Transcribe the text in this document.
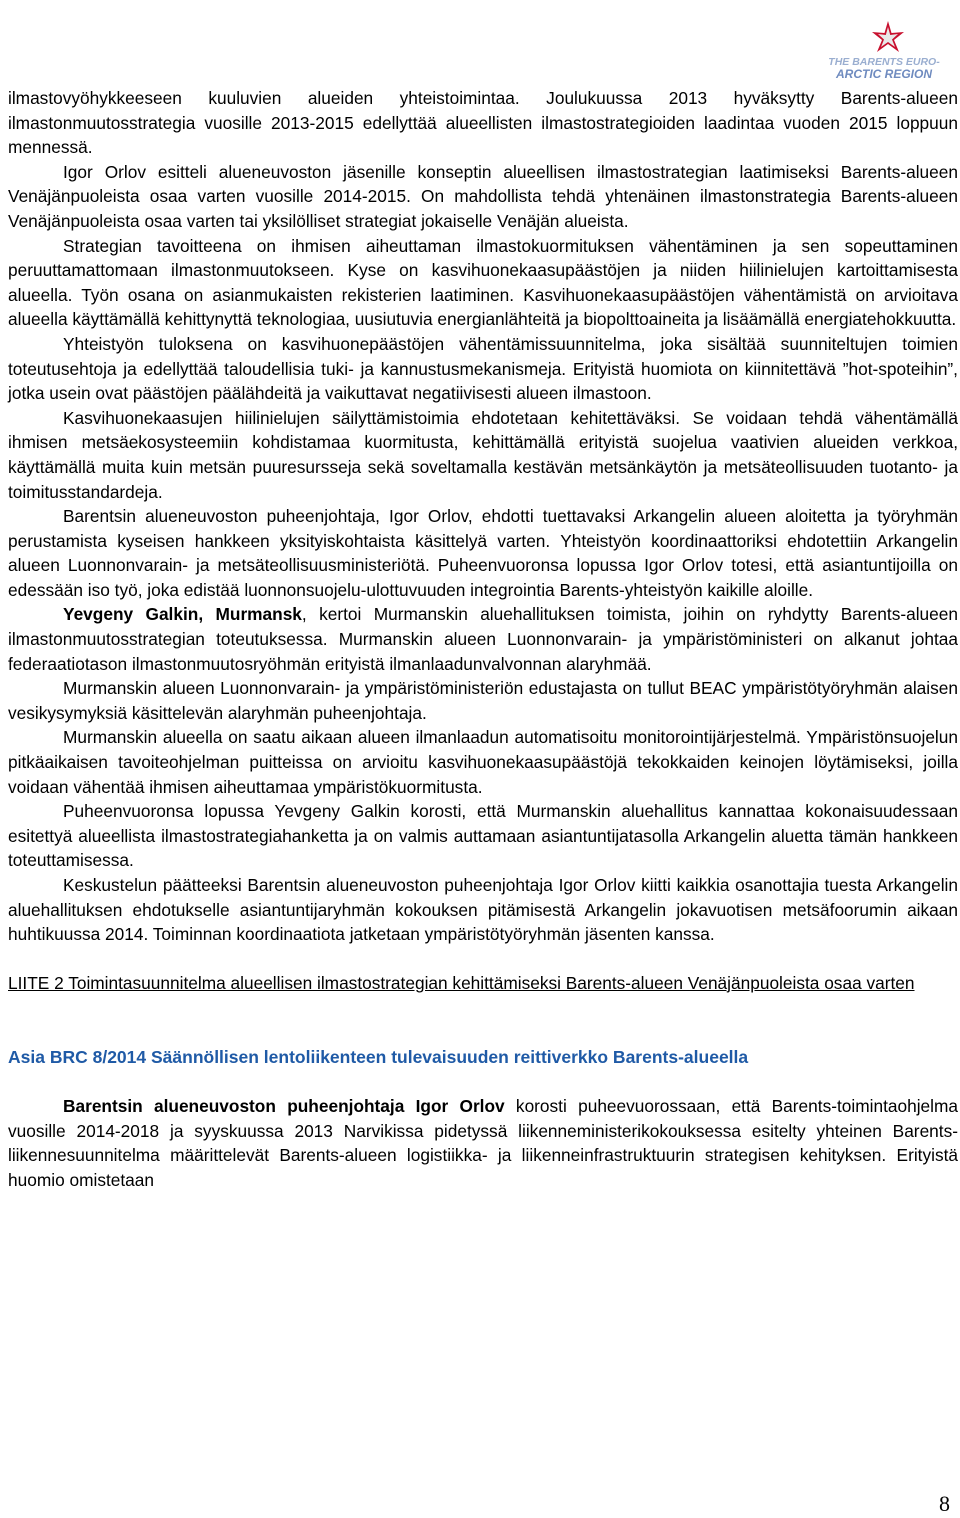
THE BARENTS EURO-
ARCTIC REGION

ilmastovyöhykkeeseen kuuluvien alueiden yhteistoimintaa. Joulukuussa 2013 hyväksytty Barents-alueen ilmastonmuutosstrategia vuosille 2013-2015 edellyttää alueellisten ilmastostrategioiden laadintaa vuoden 2015 loppuun mennessä.

Igor Orlov esitteli alueneuvoston jäsenille konseptin alueellisen ilmastostrategian laatimiseksi Barents-alueen Venäjänpuoleista osaa varten vuosille 2014-2015. On mahdollista tehdä yhtenäinen ilmastonstrategia Barents-alueen Venäjänpuoleista osaa varten tai yksilölliset strategiat jokaiselle Venäjän alueista.

Strategian tavoitteena on ihmisen aiheuttaman ilmastokuormituksen vähentäminen ja sen sopeuttaminen peruuttamattomaan ilmastonmuutokseen. Kyse on kasvihuonekaasupäästöjen ja niiden hiilinielujen kartoittamisesta alueella. Työn osana on asianmukaisten rekisterien laatiminen. Kasvihuonekaasupäästöjen vähentämistä on arvioitava alueella käyttämällä kehittynyttä teknologiaa, uusiutuvia energianlähteitä ja biopolttoaineita ja lisäämällä energiatehokkuutta.

Yhteistyön tuloksena on kasvihuonepäästöjen vähentämissuunnitelma, joka sisältää suunniteltujen toimien toteutusehtoja ja edellyttää taloudellisia tuki- ja kannustusmekanismeja. Erityistä huomiota on kiinnitettävä ”hot-spoteihin”, jotka usein ovat päästöjen päälähdeitä ja vaikuttavat negatiivisesti alueen ilmastoon.

Kasvihuonekaasujen hiilinielujen säilyttämistoimia ehdotetaan kehitettäväksi. Se voidaan tehdä vähentämällä ihmisen metsäekosysteemiin kohdistamaa kuormitusta, kehittämällä erityistä suojelua vaativien alueiden verkkoa, käyttämällä muita kuin metsän puuresursseja sekä soveltamalla kestävän metsänkäytön ja metsäteollisuuden tuotanto- ja toimitusstandardeja.

Barentsin alueneuvoston puheenjohtaja, Igor Orlov, ehdotti tuettavaksi Arkangelin alueen aloitetta ja työryhmän perustamista kyseisen hankkeen yksityiskohtaista käsittelyä varten. Yhteistyön koordinaattoriksi ehdotettiin Arkangelin alueen Luonnonvarain- ja metsäteollisuusministeriötä. Puheenvuoronsa lopussa Igor Orlov totesi, että asiantuntijoilla on edessään iso työ, joka edistää luonnonsuojelu-ulottuvuuden integrointia Barents-yhteistyön kaikille aloille.

Yevgeny Galkin, Murmansk, kertoi Murmanskin aluehallituksen toimista, joihin on ryhdytty Barents-alueen ilmastonmuutosstrategian toteutuksessa. Murmanskin alueen Luonnonvarain- ja ympäristöministeri on alkanut johtaa federaatiotason ilmastonmuutosryöhmän erityistä ilmanlaadunvalvonnan alaryhmää.

Murmanskin alueen Luonnonvarain- ja ympäristöministeriön edustajasta on tullut BEAC ympäristötyöryhmän alaisen vesikysymyksiä käsittelevän alaryhmän puheenjohtaja.

Murmanskin alueella on saatu aikaan alueen ilmanlaadun automatisoitu monitorointijärjestelmä. Ympäristönsuojelun pitkäaikaisen tavoiteohjelman puitteissa on arvioitu kasvihuonekaasupäästöjä tekokkaiden keinojen löytämiseksi, joilla voidaan vähentää ihmisen aiheuttamaa ympäristökuormitusta.

Puheenvuoronsa lopussa Yevgeny Galkin korosti, että Murmanskin aluehallitus kannattaa kokonaisuudessaan esitettyä alueellista ilmastostrategiahanketta ja on valmis auttamaan asiantuntijatasolla Arkangelin aluetta tämän hankkeen toteuttamisessa.

Keskustelun päätteeksi Barentsin alueneuvoston puheenjohtaja Igor Orlov kiitti kaikkia osanottajia tuesta Arkangelin aluehallituksen ehdotukselle asiantuntijaryhmän kokouksen pitämisestä Arkangelin jokavuotisen metsäfoorumin aikaan huhtikuussa 2014. Toiminnan koordinaatiota jatketaan ympäristötyöryhmän jäsenten kanssa.

LIITE 2 Toimintasuunnitelma alueellisen ilmastostrategian kehittämiseksi Barents-alueen Venäjänpuoleista osaa varten

Asia BRC 8/2014 Säännöllisen lentoliikenteen tulevaisuuden reittiverkko Barents-alueella

Barentsin alueneuvoston puheenjohtaja Igor Orlov korosti puheevuorossaan, että Barents-toimintaohjelma vuosille 2014-2018 ja syyskuussa 2013 Narvikissa pidetyssä liikenneministerikokouksessa esitelty yhteinen Barents-liikennesuunnitelma määrittelevät Barents-alueen logistiikka- ja liikenneinfrastruktuurin strategisen kehityksen. Erityistä huomio omistetaan

8
